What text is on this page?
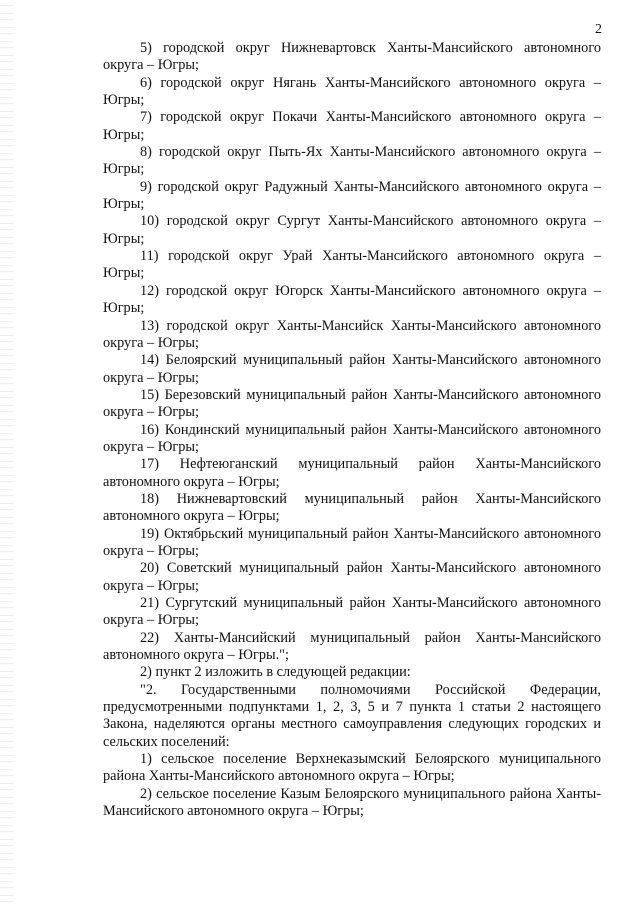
2

5) городской округ Нижневартовск Ханты-Мансийского автономного округа – Югры;

6) городской округ Нягань Ханты-Мансийского автономного округа – Югры;

7) городской округ Покачи Ханты-Мансийского автономного округа – Югры;

8) городской округ Пыть-Ях Ханты-Мансийского автономного округа – Югры;

9) городской округ Радужный Ханты-Мансийского автономного округа – Югры;

10) городской округ Сургут Ханты-Мансийского автономного округа – Югры;

11) городской округ Урай Ханты-Мансийского автономного округа – Югры;

12) городской округ Югорск Ханты-Мансийского автономного округа – Югры;

13) городской округ Ханты-Мансийск Ханты-Мансийского автономного округа – Югры;

14) Белоярский муниципальный район Ханты-Мансийского автономного округа – Югры;

15) Березовский муниципальный район Ханты-Мансийского автономного округа – Югры;

16) Кондинский муниципальный район Ханты-Мансийского автономного округа – Югры;

17) Нефтеюганский муниципальный район Ханты-Мансийского автономного округа – Югры;

18) Нижневартовский муниципальный район Ханты-Мансийского автономного округа – Югры;

19) Октябрьский муниципальный район Ханты-Мансийского автономного округа – Югры;

20) Советский муниципальный район Ханты-Мансийского автономного округа – Югры;

21) Сургутский муниципальный район Ханты-Мансийского автономного округа – Югры;

22) Ханты-Мансийский муниципальный район Ханты-Мансийского автономного округа – Югры.";

2) пункт 2 изложить в следующей редакции:

"2. Государственными полномочиями Российской Федерации, предусмотренными подпунктами 1, 2, 3, 5 и 7 пункта 1 статьи 2 настоящего Закона, наделяются органы местного самоуправления следующих городских и сельских поселений:

1) сельское поселение Верхнеказымский Белоярского муниципального района Ханты-Мансийского автономного округа – Югры;

2) сельское поселение Казым Белоярского муниципального района Ханты-Мансийского автономного округа – Югры;
